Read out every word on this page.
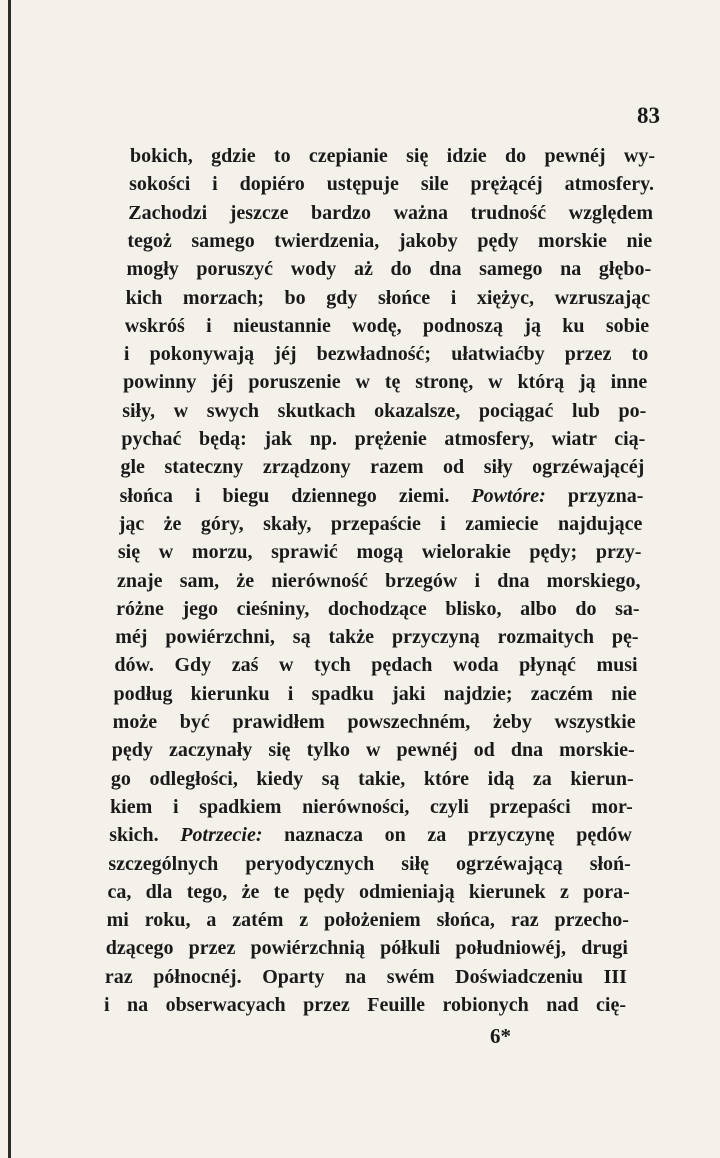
83
bokich, gdzie to czepianie się idzie do pewnéj wy-
sokości i dopiéro ustępuje sile prężącéj atmosfery.
Zachodzi jeszcze bardzo ważna trudność względem
tegoż samego twierdzenia, jakoby pędy morskie nie
mogły poruszyć wody aż do dna samego na głębo-
kich morzach; bo gdy słońce i xiężyc, wzruszając
wskróś i nieustannie wodę, podnoszą ją ku sobie
i pokonywają jéj bezwładność; ułatwiaćby przez to
powinny jéj poruszenie w tę stronę, w którą ją inne
siły, w swych skutkach okazalsze, pociągać lub po-
pychać będą: jak np. prężenie atmosfery, wiatr cią-
gle stateczny zrządzony razem od siły ogrzéwającéj
słońca i biegu dziennego ziemi. Powtóre: przyzna-
jąc że góry, skały, przepaście i zamiecie najdujące
się w morzu, sprawić mogą wielorakie pędy; przy-
znaje sam, że nierówność brzegów i dna morskiego,
różne jego cieśniny, dochodzące blisko, albo do sa-
méj powiérzchni, są także przyczyną rozmaitych pę-
dów. Gdy zaś w tych pędach woda płynąć musi
podług kierunku i spadku jaki najdzie; zaczém nie
może być prawidłem powszechném, żeby wszystkie
pędy zaczynały się tylko w pewnéj od dna morskie-
go odległości, kiedy są takie, które idą za kierun-
kiem i spadkiem nierówności, czyli przepaści mor-
skich. Potrzecie: naznacza on za przyczynę pędów
szczególnych peryodycznych siłę ogrzéwającą słoń-
ca, dla tego, że te pędy odmieniają kierunek z pora-
mi roku, a zatém z położeniem słońca, raz przecho-
dzącego przez powiérzchnią półkuli południowéj, drugi
raz północnéj. Oparty na swém Doświadczeniu III
i na obserwacyach przez Feuille robionych nad cię-
6*
